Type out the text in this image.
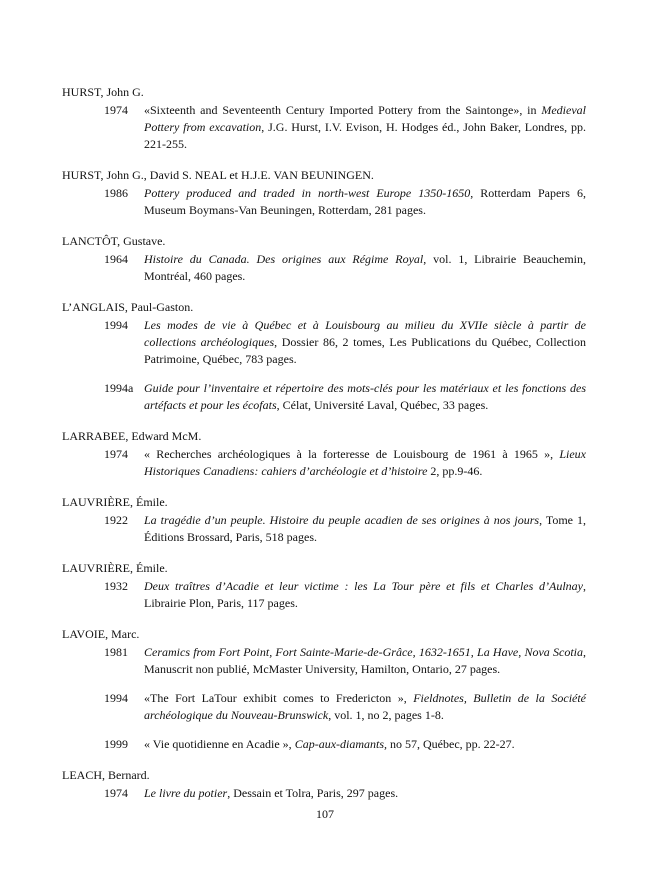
HURST, John G.
1974	«Sixteenth and Seventeenth Century Imported Pottery from the Saintonge», in Medieval Pottery from excavation, J.G. Hurst, I.V. Evison, H. Hodges éd., John Baker, Londres, pp. 221-255.
HURST, John G., David S. NEAL et H.J.E. VAN BEUNINGEN.
1986	Pottery produced and traded in north-west Europe 1350-1650, Rotterdam Papers 6, Museum Boymans-Van Beuningen, Rotterdam, 281 pages.
LANCTÔT, Gustave.
1964	Histoire du Canada. Des origines aux Régime Royal, vol. 1, Librairie Beauchemin, Montréal, 460 pages.
L’ANGLAIS, Paul-Gaston.
1994	Les modes de vie à Québec et à Louisbourg au milieu du XVIIe siècle à partir de collections archéologiques, Dossier 86, 2 tomes, Les Publications du Québec, Collection Patrimoine, Québec, 783 pages.
1994a Guide pour l’inventaire et répertoire des mots-clés pour les matériaux et les fonctions des artéfacts et pour les écofats, Célat, Université Laval, Québec, 33 pages.
LARRABEE, Edward McM.
1974	« Recherches archéologiques à la forteresse de Louisbourg de 1961 à 1965 », Lieux Historiques Canadiens: cahiers d’archéologie et d’histoire 2, pp.9-46.
LAUVRIÈRE, Émile.
1922	La tragédie d’un peuple. Histoire du peuple acadien de ses origines à nos jours, Tome 1, Éditions Brossard, Paris, 518 pages.
LAUVRIÈRE, Émile.
1932	Deux traîtres d’Acadie et leur victime : les La Tour père et fils et Charles d’Aulnay, Librairie Plon, Paris, 117 pages.
LAVOIE, Marc.
1981	Ceramics from Fort Point, Fort Sainte-Marie-de-Grâce, 1632-1651, La Have, Nova Scotia, Manuscrit non publié, McMaster University, Hamilton, Ontario, 27 pages.
1994	«The Fort LaTour exhibit comes to Fredericton », Fieldnotes, Bulletin de la Société archéologique du Nouveau-Brunswick, vol. 1, no 2, pages 1-8.
1999	« Vie quotidienne en Acadie », Cap-aux-diamants, no 57, Québec, pp. 22-27.
LEACH, Bernard.
1974	Le livre du potier, Dessain et Tolra, Paris, 297 pages.
107
